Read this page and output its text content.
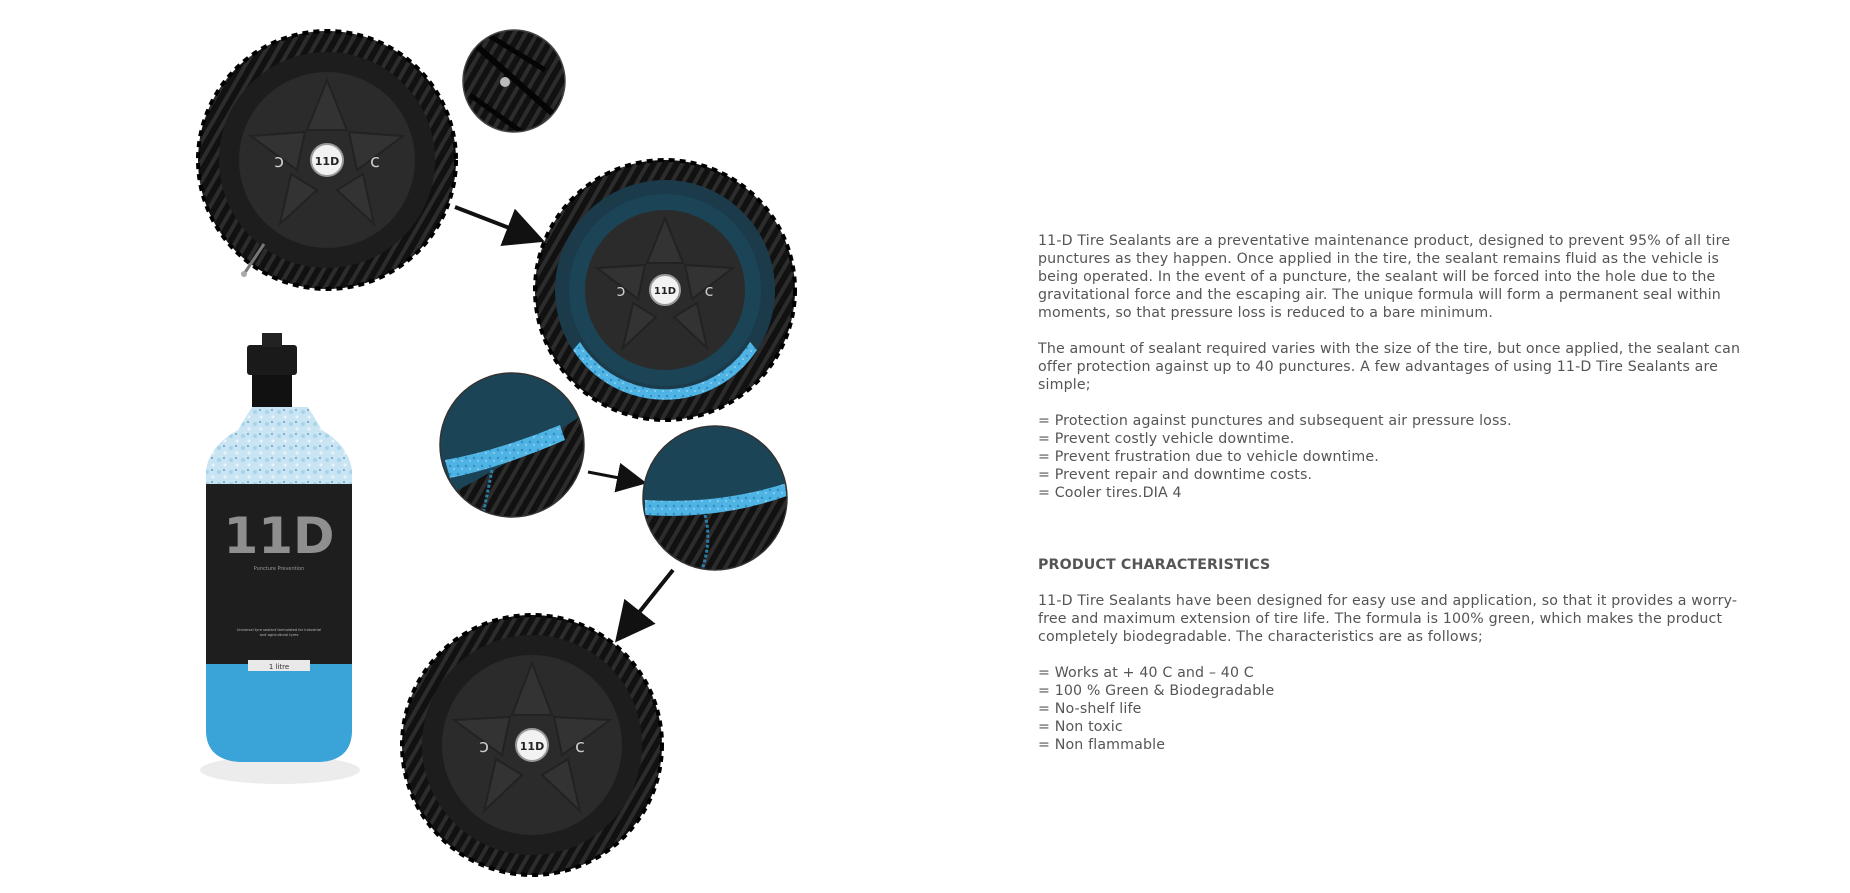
11D
ↄ	c
11D
ↄ	c
11D
Puncture Prevention
Universal tyre sealant formulated for industrial and agricultural tyres
1 litre
11D
ↄ	c

11-D Tire Sealants are a preventative maintenance product, designed to prevent 95% of all tire punctures as they happen. Once applied in the tire, the sealant remains fluid as the vehicle is being operated. In the event of a puncture, the sealant will be forced into the hole due to the gravitational force and the escaping air. The unique formula will form a permanent seal within moments, so that pressure loss is reduced to a bare minimum.

The amount of sealant required varies with the size of the tire, but once applied, the sealant can offer protection against up to 40 punctures. A few advantages of using 11-D Tire Sealants are simple;

= Protection against punctures and subsequent air pressure loss.
= Prevent costly vehicle downtime.
= Prevent frustration due to vehicle downtime.
= Prevent repair and downtime costs.
= Cooler tires.DIA 4

PRODUCT CHARACTERISTICS

11-D Tire Sealants have been designed for easy use and application, so that it provides a worry-free and maximum extension of tire life. The formula is 100% green, which makes the product completely biodegradable. The characteristics are as follows;

= Works at + 40 C and – 40 C
= 100 % Green & Biodegradable
= No-shelf life
= Non toxic
= Non flammable
